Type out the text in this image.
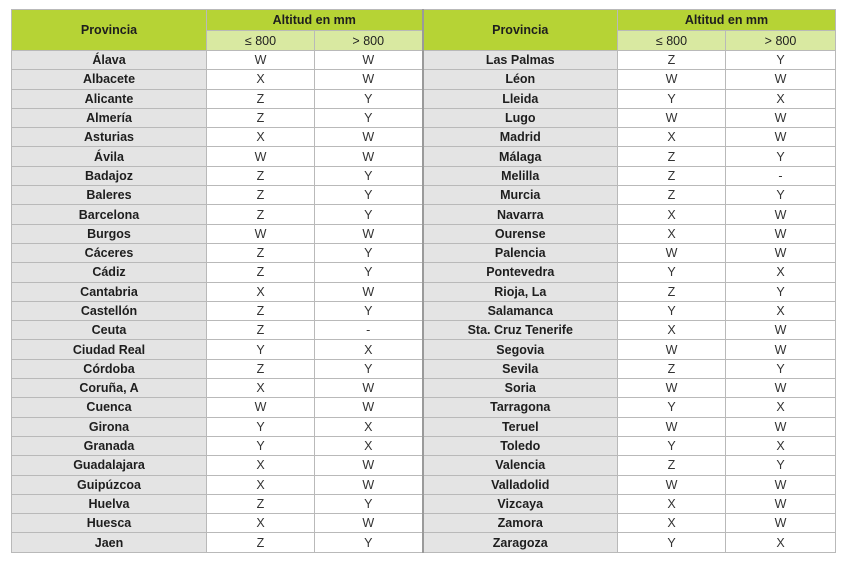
Provincia	Altitud en mm		Provincia	Altitud en mm	
	≤ 800	> 800		≤ 800	> 800
Álava	W	W	Las Palmas	Z	Y
Albacete	X	W	Léon	W	W
Alicante	Z	Y	Lleida	Y	X
Almería	Z	Y	Lugo	W	W
Asturias	X	W	Madrid	X	W
Ávila	W	W	Málaga	Z	Y
Badajoz	Z	Y	Melilla	Z	-
Baleres	Z	Y	Murcia	Z	Y
Barcelona	Z	Y	Navarra	X	W
Burgos	W	W	Ourense	X	W
Cáceres	Z	Y	Palencia	W	W
Cádiz	Z	Y	Pontevedra	Y	X
Cantabria	X	W	Rioja, La	Z	Y
Castellón	Z	Y	Salamanca	Y	X
Ceuta	Z	-	Sta. Cruz Tenerife	X	W
Ciudad Real	Y	X	Segovia	W	W
Córdoba	Z	Y	Sevila	Z	Y
Coruña, A	X	W	Soria	W	W
Cuenca	W	W	Tarragona	Y	X
Girona	Y	X	Teruel	W	W
Granada	Y	X	Toledo	Y	X
Guadalajara	X	W	Valencia	Z	Y
Guipúzcoa	X	W	Valladolid	W	W
Huelva	Z	Y	Vizcaya	X	W
Huesca	X	W	Zamora	X	W
Jaen	Z	Y	Zaragoza	Y	X
